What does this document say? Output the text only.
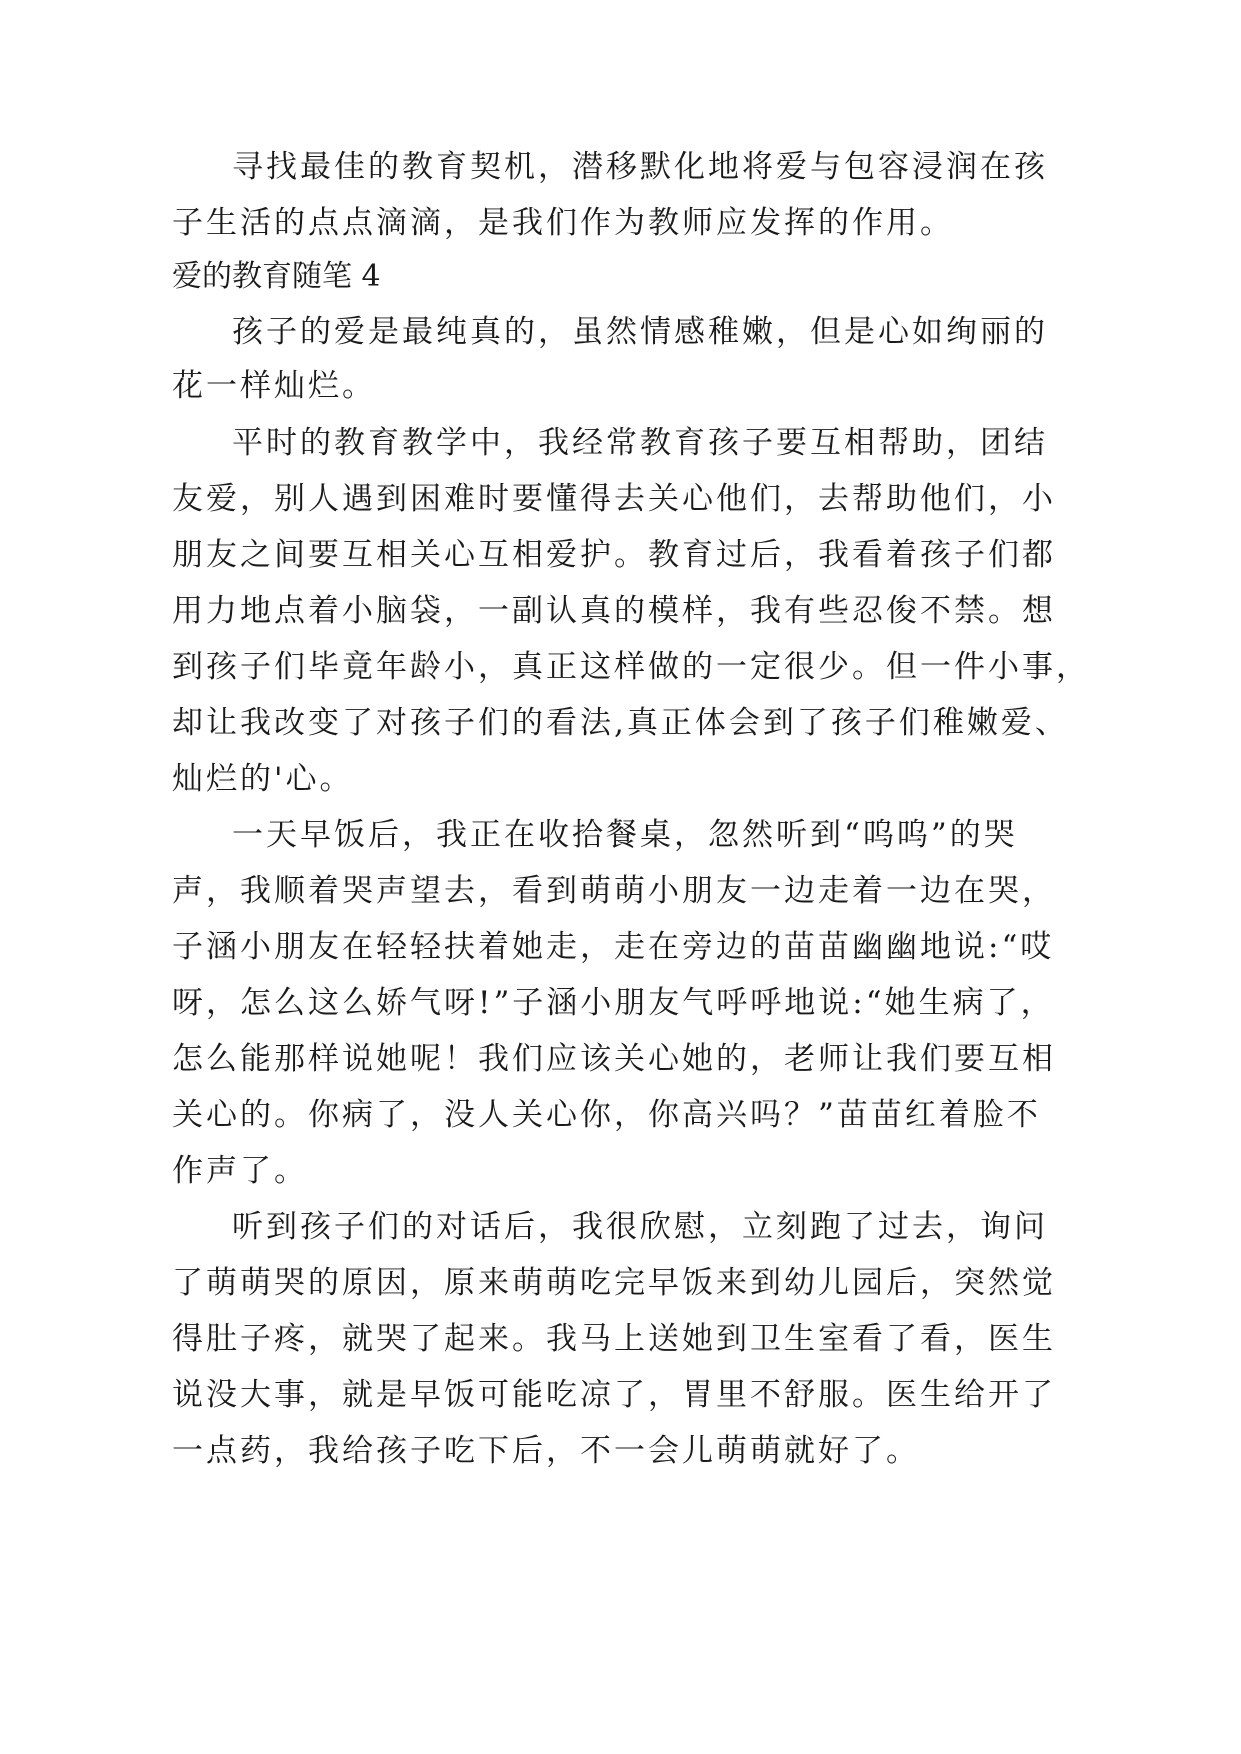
寻找最佳的教育契机，潜移默化地将爱与包容浸润在孩
子生活的点点滴滴，是我们作为教师应发挥的作用。
爱的教育随笔 4
孩子的爱是最纯真的，虽然情感稚嫩，但是心如绚丽的
花一样灿烂。
平时的教育教学中，我经常教育孩子要互相帮助，团结
友爱，别人遇到困难时要懂得去关心他们，去帮助他们，小
朋友之间要互相关心互相爱护。教育过后，我看着孩子们都
用力地点着小脑袋，一副认真的模样，我有些忍俊不禁。想
到孩子们毕竟年龄小，真正这样做的一定很少。但一件小事，
却让我改变了对孩子们的看法,真正体会到了孩子们稚嫩爱、
灿烂的'心。
一天早饭后，我正在收拾餐桌，忽然听到“呜呜”的哭
声，我顺着哭声望去，看到萌萌小朋友一边走着一边在哭，
子涵小朋友在轻轻扶着她走，走在旁边的苗苗幽幽地说:“哎
呀，怎么这么娇气呀!”子涵小朋友气呼呼地说:“她生病了，
怎么能那样说她呢！我们应该关心她的，老师让我们要互相
关心的。你病了，没人关心你，你高兴吗？”苗苗红着脸不
作声了。
听到孩子们的对话后，我很欣慰，立刻跑了过去，询问
了萌萌哭的原因，原来萌萌吃完早饭来到幼儿园后，突然觉
得肚子疼，就哭了起来。我马上送她到卫生室看了看，医生
说没大事，就是早饭可能吃凉了，胃里不舒服。医生给开了
一点药，我给孩子吃下后，不一会儿萌萌就好了。
